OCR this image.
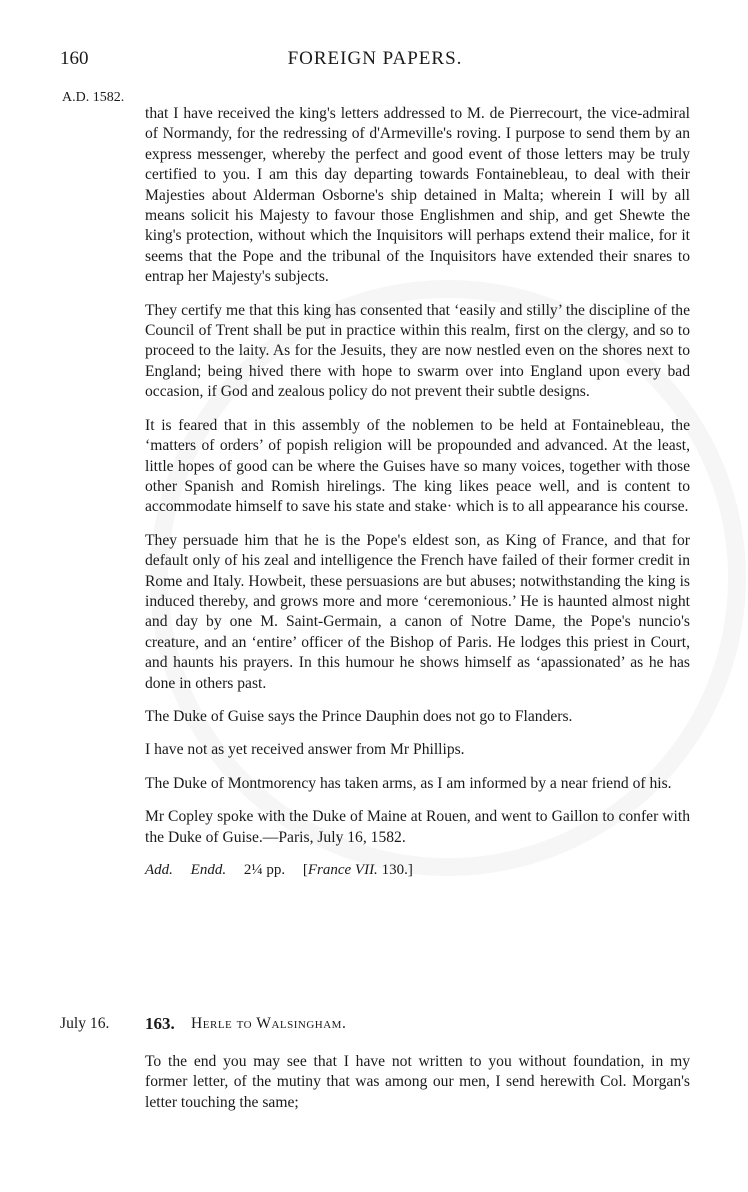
160	FOREIGN PAPERS.
A.D. 1582.

that I have received the king's letters addressed to M. de Pierrecourt, the vice-admiral of Normandy, for the redressing of d'Armeville's roving. I purpose to send them by an express messenger, whereby the perfect and good event of those letters may be truly certified to you. I am this day departing towards Fontainebleau, to deal with their Majesties about Alderman Osborne's ship detained in Malta; wherein I will by all means solicit his Majesty to favour those Englishmen and ship, and get Shewte the king's protection, without which the Inquisitors will perhaps extend their malice, for it seems that the Pope and the tribunal of the Inquisitors have extended their snares to entrap her Majesty's subjects.

They certify me that this king has consented that ‘easily and stilly’ the discipline of the Council of Trent shall be put in practice within this realm, first on the clergy, and so to proceed to the laity. As for the Jesuits, they are now nestled even on the shores next to England; being hived there with hope to swarm over into England upon every bad occasion, if God and zealous policy do not prevent their subtle designs.

It is feared that in this assembly of the noblemen to be held at Fontainebleau, the ‘matters of orders’ of popish religion will be propounded and advanced. At the least, little hopes of good can be where the Guises have so many voices, together with those other Spanish and Romish hirelings. The king likes peace well, and is content to accommodate himself to save his state and stake· which is to all appearance his course.

They persuade him that he is the Pope's eldest son, as King of France, and that for default only of his zeal and intelligence the French have failed of their former credit in Rome and Italy. Howbeit, these persuasions are but abuses; notwithstanding the king is induced thereby, and grows more and more ‘ceremonious.’ He is haunted almost night and day by one M. Saint-Germain, a canon of Notre Dame, the Pope's nuncio's creature, and an ‘entire’ officer of the Bishop of Paris. He lodges this priest in Court, and haunts his prayers. In this humour he shows himself as ‘apassionated’ as he has done in others past.

The Duke of Guise says the Prince Dauphin does not go to Flanders.

I have not as yet received answer from Mr Phillips.

The Duke of Montmorency has taken arms, as I am informed by a near friend of his.

Mr Copley spoke with the Duke of Maine at Rouen, and went to Gaillon to confer with the Duke of Guise.—Paris, July 16, 1582.

Add. Endd. 2¼ pp. [France VII. 130.]
July 16. 163. Herle to Walsingham.

To the end you may see that I have not written to you without foundation, in my former letter, of the mutiny that was among our men, I send herewith Col. Morgan's letter touching the same;
